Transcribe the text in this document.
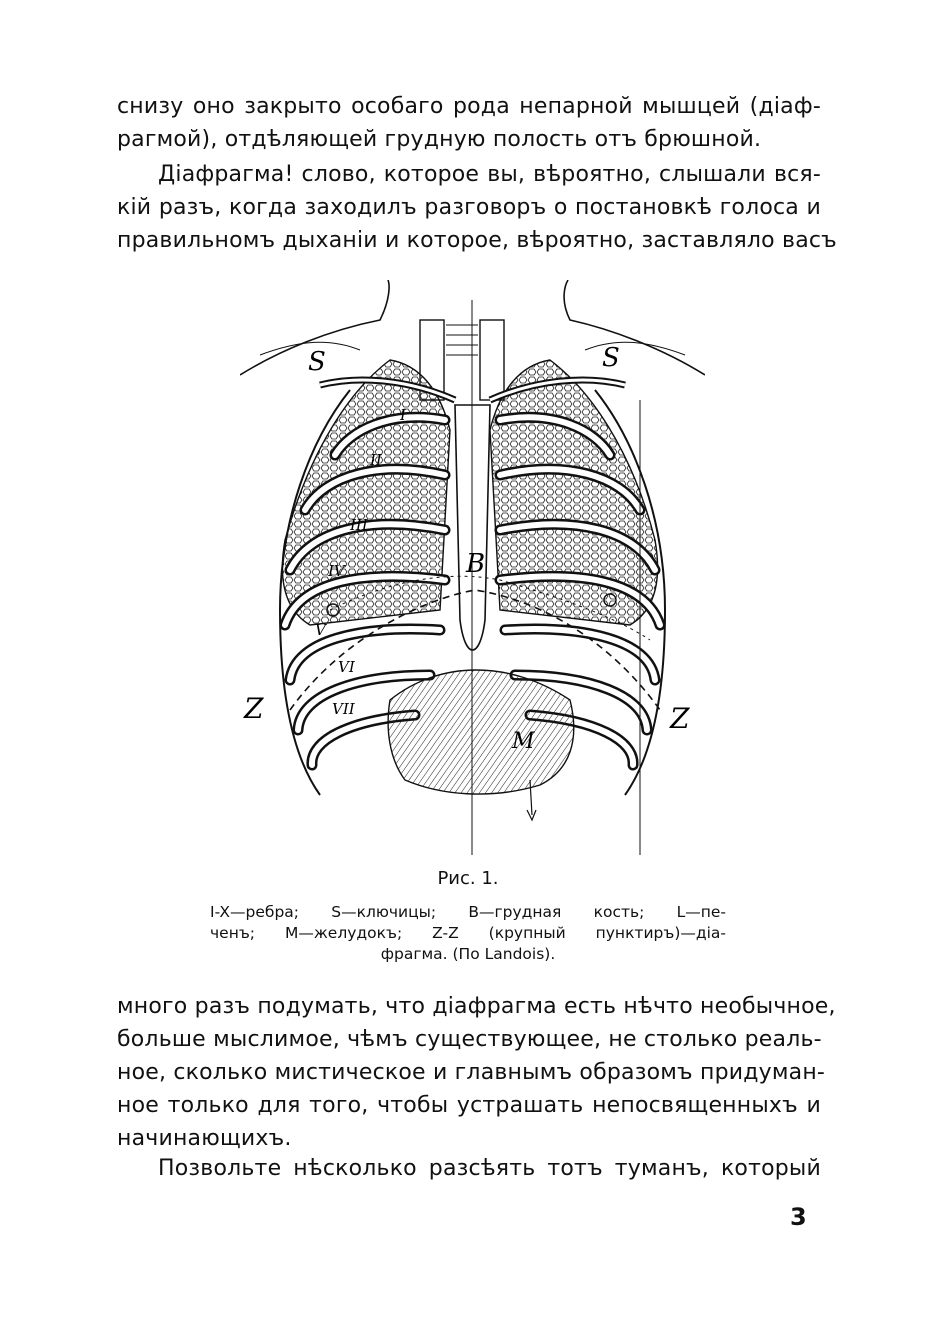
снизу оно закрыто особаго рода непарной мышцей (діаф-
рагмой), отдѣляющей грудную полость отъ брюшной.
Діафрагма! слово, которое вы, вѣроятно, слышали вся-
кій разъ, когда заходилъ разговоръ о постановкѣ голоса и
правильномъ дыханіи и которое, вѣроятно, заставляло васъ
S	S
B
Z	Z
M
I
II
III
IV
V
VI
VII
Рис. 1.
I-X—ребра; S—ключицы; B—грудная кость; L—пе-
ченъ; M—желудокъ; Z-Z (крупный пунктиръ)—діа-
фрагма. (По Landois).
много разъ подумать, что діафрагма есть нѣчто необычное,
больше мыслимое, чѣмъ существующее, не столько реаль-
ное, сколько мистическое и главнымъ образомъ придуман-
ное только для того, чтобы устрашать непосвященныхъ и
начинающихъ.
Позвольте нѣсколько разсѣять тотъ туманъ, который
3
